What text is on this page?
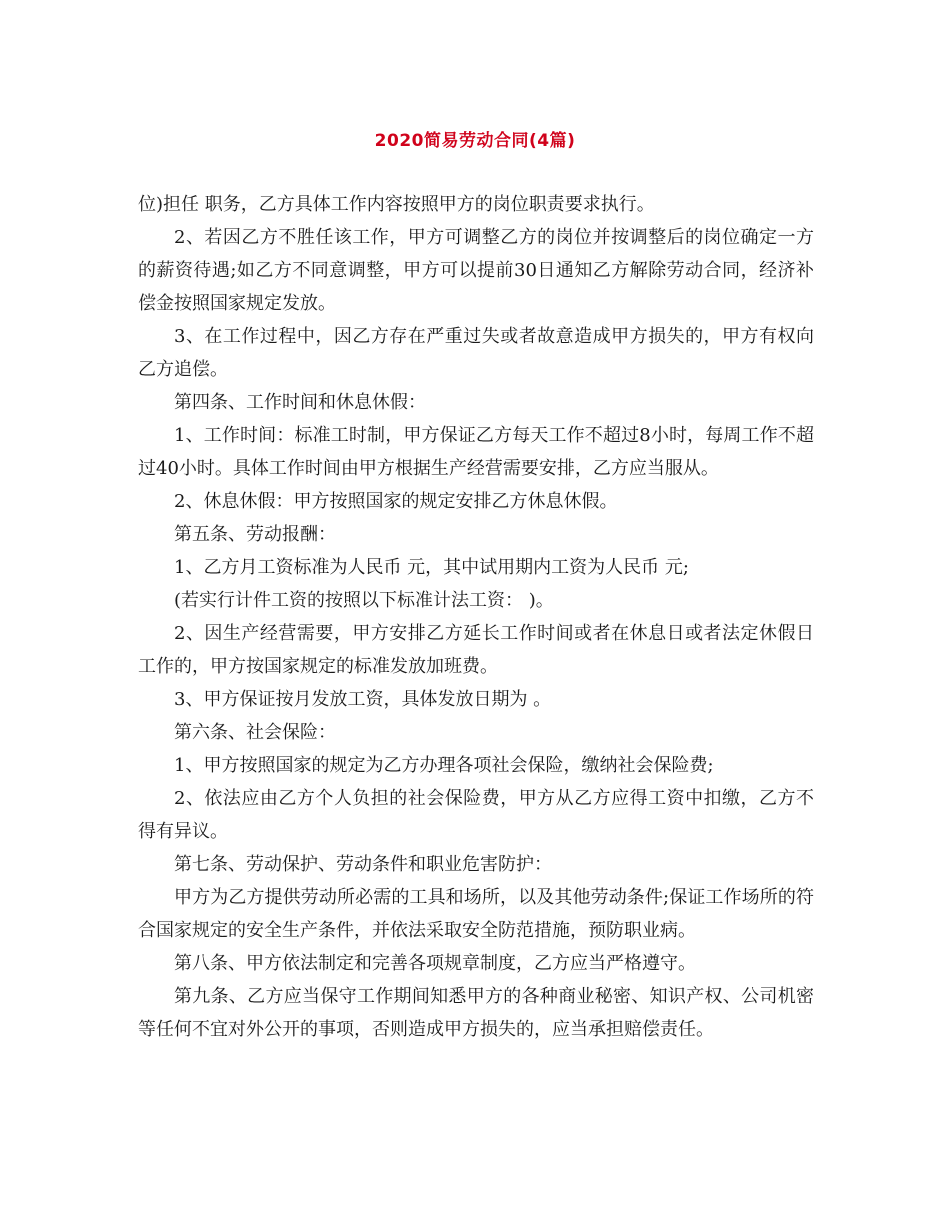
2020简易劳动合同(4篇)

位)担任 职务，乙方具体工作内容按照甲方的岗位职责要求执行。

2、若因乙方不胜任该工作，甲方可调整乙方的岗位并按调整后的岗位确定一方的薪资待遇;如乙方不同意调整，甲方可以提前30日通知乙方解除劳动合同，经济补偿金按照国家规定发放。

3、在工作过程中，因乙方存在严重过失或者故意造成甲方损失的，甲方有权向乙方追偿。

第四条、工作时间和休息休假：

1、工作时间：标准工时制，甲方保证乙方每天工作不超过8小时，每周工作不超过40小时。具体工作时间由甲方根据生产经营需要安排，乙方应当服从。

2、休息休假：甲方按照国家的规定安排乙方休息休假。

第五条、劳动报酬：

1、乙方月工资标准为人民币 元，其中试用期内工资为人民币 元;

(若实行计件工资的按照以下标准计法工资： )。

2、因生产经营需要，甲方安排乙方延长工作时间或者在休息日或者法定休假日工作的，甲方按国家规定的标准发放加班费。

3、甲方保证按月发放工资，具体发放日期为 。

第六条、社会保险：

1、甲方按照国家的规定为乙方办理各项社会保险，缴纳社会保险费;

2、依法应由乙方个人负担的社会保险费，甲方从乙方应得工资中扣缴，乙方不得有异议。

第七条、劳动保护、劳动条件和职业危害防护：

甲方为乙方提供劳动所必需的工具和场所，以及其他劳动条件;保证工作场所的符合国家规定的安全生产条件，并依法采取安全防范措施，预防职业病。

第八条、甲方依法制定和完善各项规章制度，乙方应当严格遵守。

第九条、乙方应当保守工作期间知悉甲方的各种商业秘密、知识产权、公司机密等任何不宜对外公开的事项，否则造成甲方损失的，应当承担赔偿责任。
